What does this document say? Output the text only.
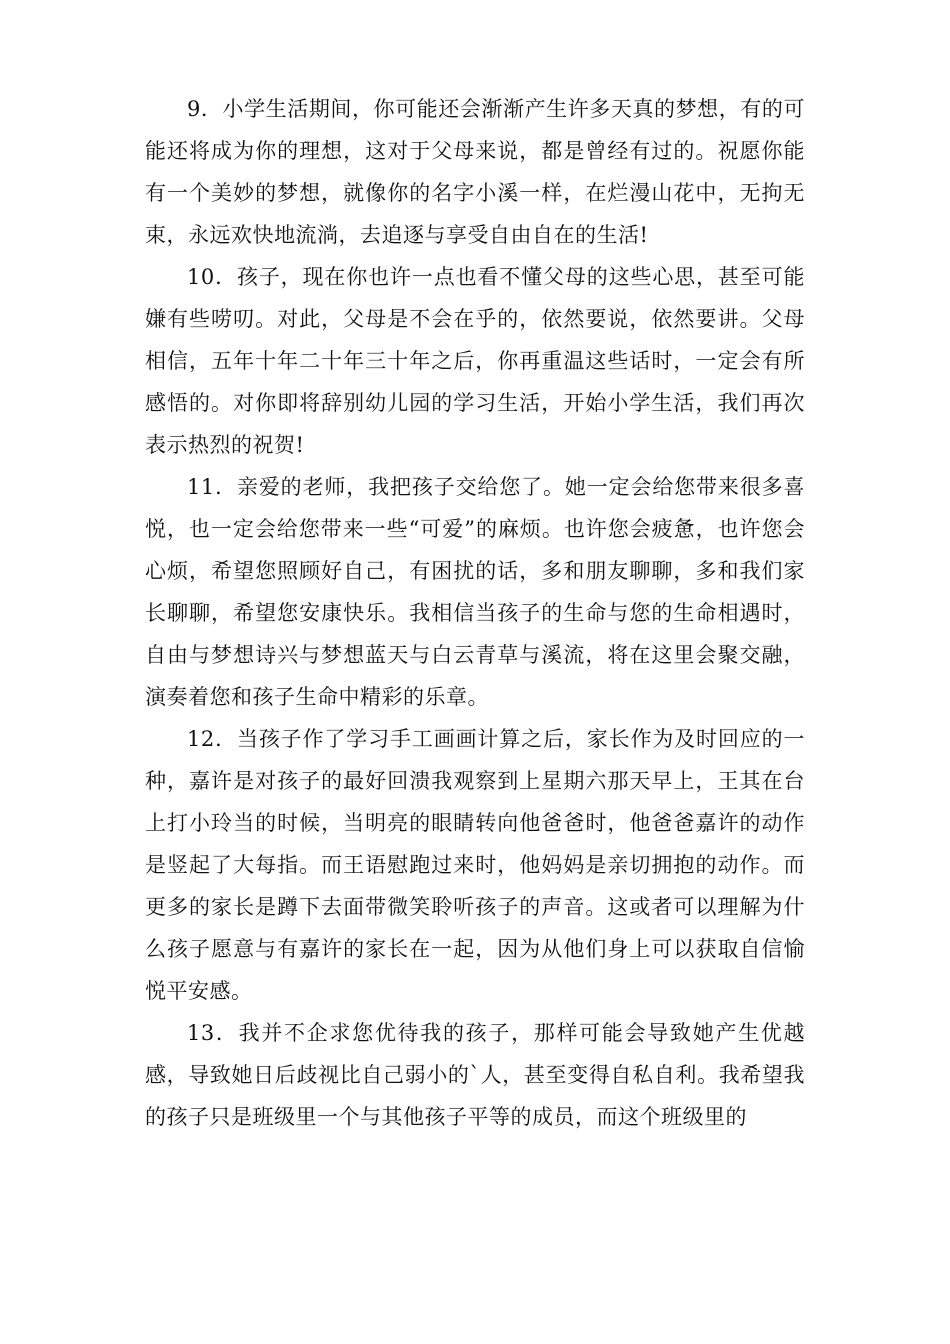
9．小学生活期间，你可能还会渐渐产生许多天真的梦想，有的可能还将成为你的理想，这对于父母来说，都是曾经有过的。祝愿你能有一个美妙的梦想，就像你的名字小溪一样，在烂漫山花中，无拘无束，永远欢快地流淌，去追逐与享受自由自在的生活!

10．孩子，现在你也许一点也看不懂父母的这些心思，甚至可能嫌有些唠叨。对此，父母是不会在乎的，依然要说，依然要讲。父母相信，五年十年二十年三十年之后，你再重温这些话时，一定会有所感悟的。对你即将辞别幼儿园的学习生活，开始小学生活，我们再次表示热烈的祝贺!

11．亲爱的老师，我把孩子交给您了。她一定会给您带来很多喜悦，也一定会给您带来一些“可爱”的麻烦。也许您会疲惫，也许您会心烦，希望您照顾好自己，有困扰的话，多和朋友聊聊，多和我们家长聊聊，希望您安康快乐。我相信当孩子的生命与您的生命相遇时，自由与梦想诗兴与梦想蓝天与白云青草与溪流，将在这里会聚交融，演奏着您和孩子生命中精彩的乐章。

12．当孩子作了学习手工画画计算之后，家长作为及时回应的一种，嘉许是对孩子的最好回溃我观察到上星期六那天早上，王其在台上打小玲当的时候，当明亮的眼睛转向他爸爸时，他爸爸嘉许的动作是竖起了大每指。而王语慰跑过来时，他妈妈是亲切拥抱的动作。而更多的家长是蹲下去面带微笑聆听孩子的声音。这或者可以理解为什么孩子愿意与有嘉许的家长在一起，因为从他们身上可以获取自信愉悦平安感。

13．我并不企求您优待我的孩子，那样可能会导致她产生优越感，导致她日后歧视比自己弱小的`人，甚至变得自私自利。我希望我的孩子只是班级里一个与其他孩子平等的成员，而这个班级里的
